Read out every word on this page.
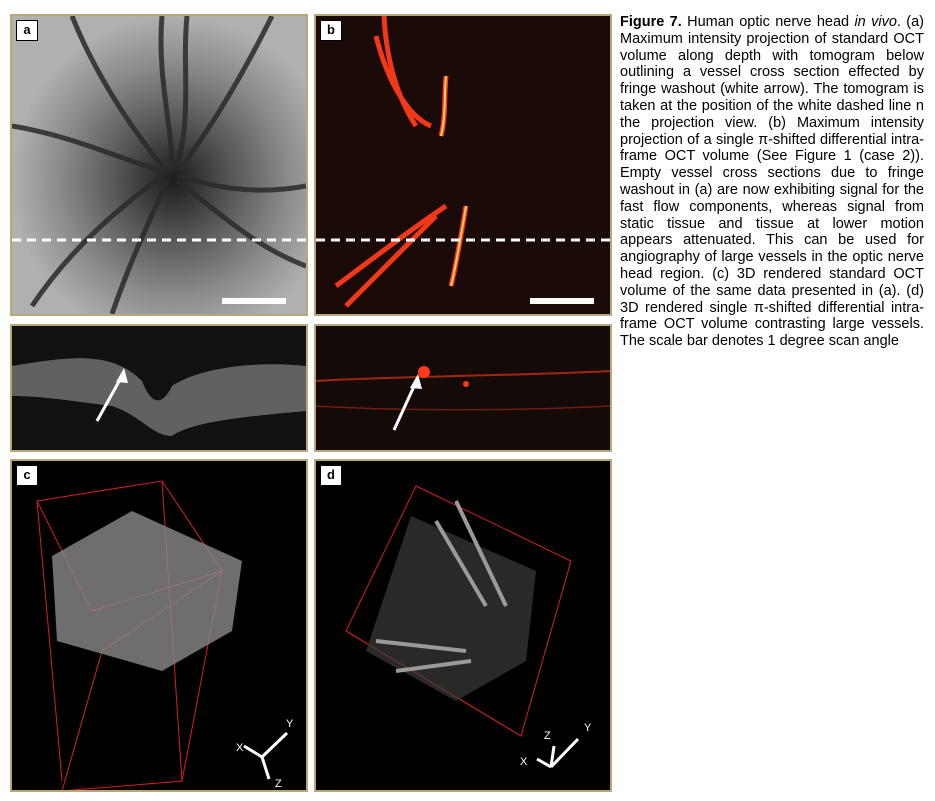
a	b
c
X
Y
Z
d
X
Y
Z
Figure 7. Human optic nerve head in vivo. (a) Maximum intensity projection of standard OCT volume along depth with tomogram below outlining a vessel cross section effected by fringe washout (white arrow). The tomogram is taken at the position of the white dashed line n the projection view. (b) Maximum intensity projection of a single π-shifted differential intra-frame OCT volume (See Figure 1 (case 2)). Empty vessel cross sections due to fringe washout in (a) are now exhibiting signal for the fast flow components, whereas signal from static tissue and tissue at lower motion appears attenuated. This can be used for angiography of large vessels in the optic nerve head region. (c) 3D rendered standard OCT volume of the same data presented in (a). (d) 3D rendered single π-shifted differential intra-frame OCT volume contrasting large vessels. The scale bar denotes 1 degree scan angle
